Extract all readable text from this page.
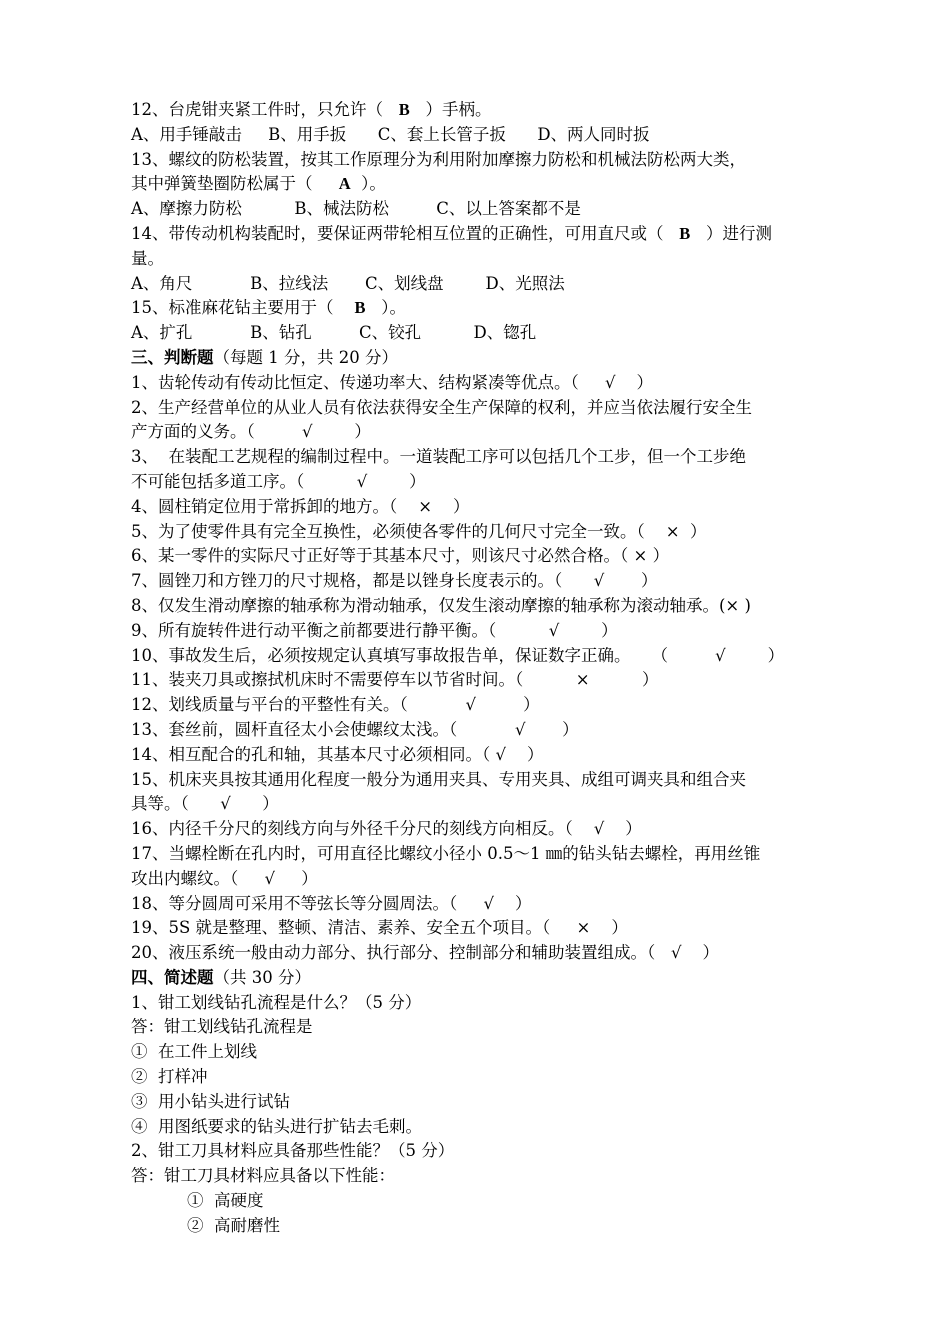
12、台虎钳夹紧工件时，只允许（   B   ）手柄。
A、用手锤敲击     B、用手扳      C、套上长管子扳      D、两人同时扳
13、螺纹的防松装置，按其工作原理分为利用附加摩擦力防松和机械法防松两大类，
其中弹簧垫圈防松属于（     A  ）。
A、摩擦力防松          B、械法防松         C、以上答案都不是
14、带传动机构装配时，要保证两带轮相互位置的正确性，可用直尺或（   B   ）进行测
量。
A、角尺           B、拉线法       C、划线盘        D、光照法
15、标准麻花钻主要用于（    B   ）。
A、扩孔           B、钻孔         C、铰孔          D、锪孔
三、判断题（每题 1 分，共 20 分）
1、齿轮传动有传动比恒定、传递功率大、结构紧凑等优点。（     √    ）
2、生产经营单位的从业人员有依法获得安全生产保障的权利，并应当依法履行安全生
产方面的义务。（         √        ）
3、  在装配工艺规程的编制过程中。一道装配工序可以包括几个工步，但一个工步绝
不可能包括多道工序。（          √        ）
4、圆柱销定位用于常拆卸的地方。（    ×    ）
5、为了使零件具有完全互换性，必须使各零件的几何尺寸完全一致。（    ×  ）
6、某一零件的实际尺寸正好等于其基本尺寸，则该尺寸必然合格。（ × ）
7、圆锉刀和方锉刀的尺寸规格，都是以锉身长度表示的。（      √       ）
8、仅发生滑动摩擦的轴承称为滑动轴承，仅发生滚动摩擦的轴承称为滚动轴承。(× )
9、所有旋转件进行动平衡之前都要进行静平衡。（          √        ）
10、事故发生后，必须按规定认真填写事故报告单，保证数字正确。    （         √        ）
11、装夹刀具或擦拭机床时不需要停车以节省时间。（          ×          ）
12、划线质量与平台的平整性有关。（           √         ）
13、套丝前，圆杆直径太小会使螺纹太浅。（           √       ）
14、相互配合的孔和轴，其基本尺寸必须相同。（ √    ）
15、机床夹具按其通用化程度一般分为通用夹具、专用夹具、成组可调夹具和组合夹
具等。（      √      ）
16、内径千分尺的刻线方向与外径千分尺的刻线方向相反。（    √    ）
17、当螺栓断在孔内时，可用直径比螺纹小径小 0.5～1 ㎜的钻头钻去螺栓，再用丝锥
攻出内螺纹。（     √     ）
18、等分圆周可采用不等弦长等分圆周法。（     √    ）
19、5S 就是整理、整顿、清洁、素养、安全五个项目。（     ×    ）
20、液压系统一般由动力部分、执行部分、控制部分和辅助装置组成。（   √    ）
四、简述题（共 30 分）
1、钳工划线钻孔流程是什么？（5 分）
答：钳工划线钻孔流程是
①  在工件上划线
②  打样冲
③  用小钻头进行试钻
④  用图纸要求的钻头进行扩钻去毛刺。
2、钳工刀具材料应具备那些性能？（5 分）
答：钳工刀具材料应具备以下性能：
①  高硬度
②  高耐磨性
